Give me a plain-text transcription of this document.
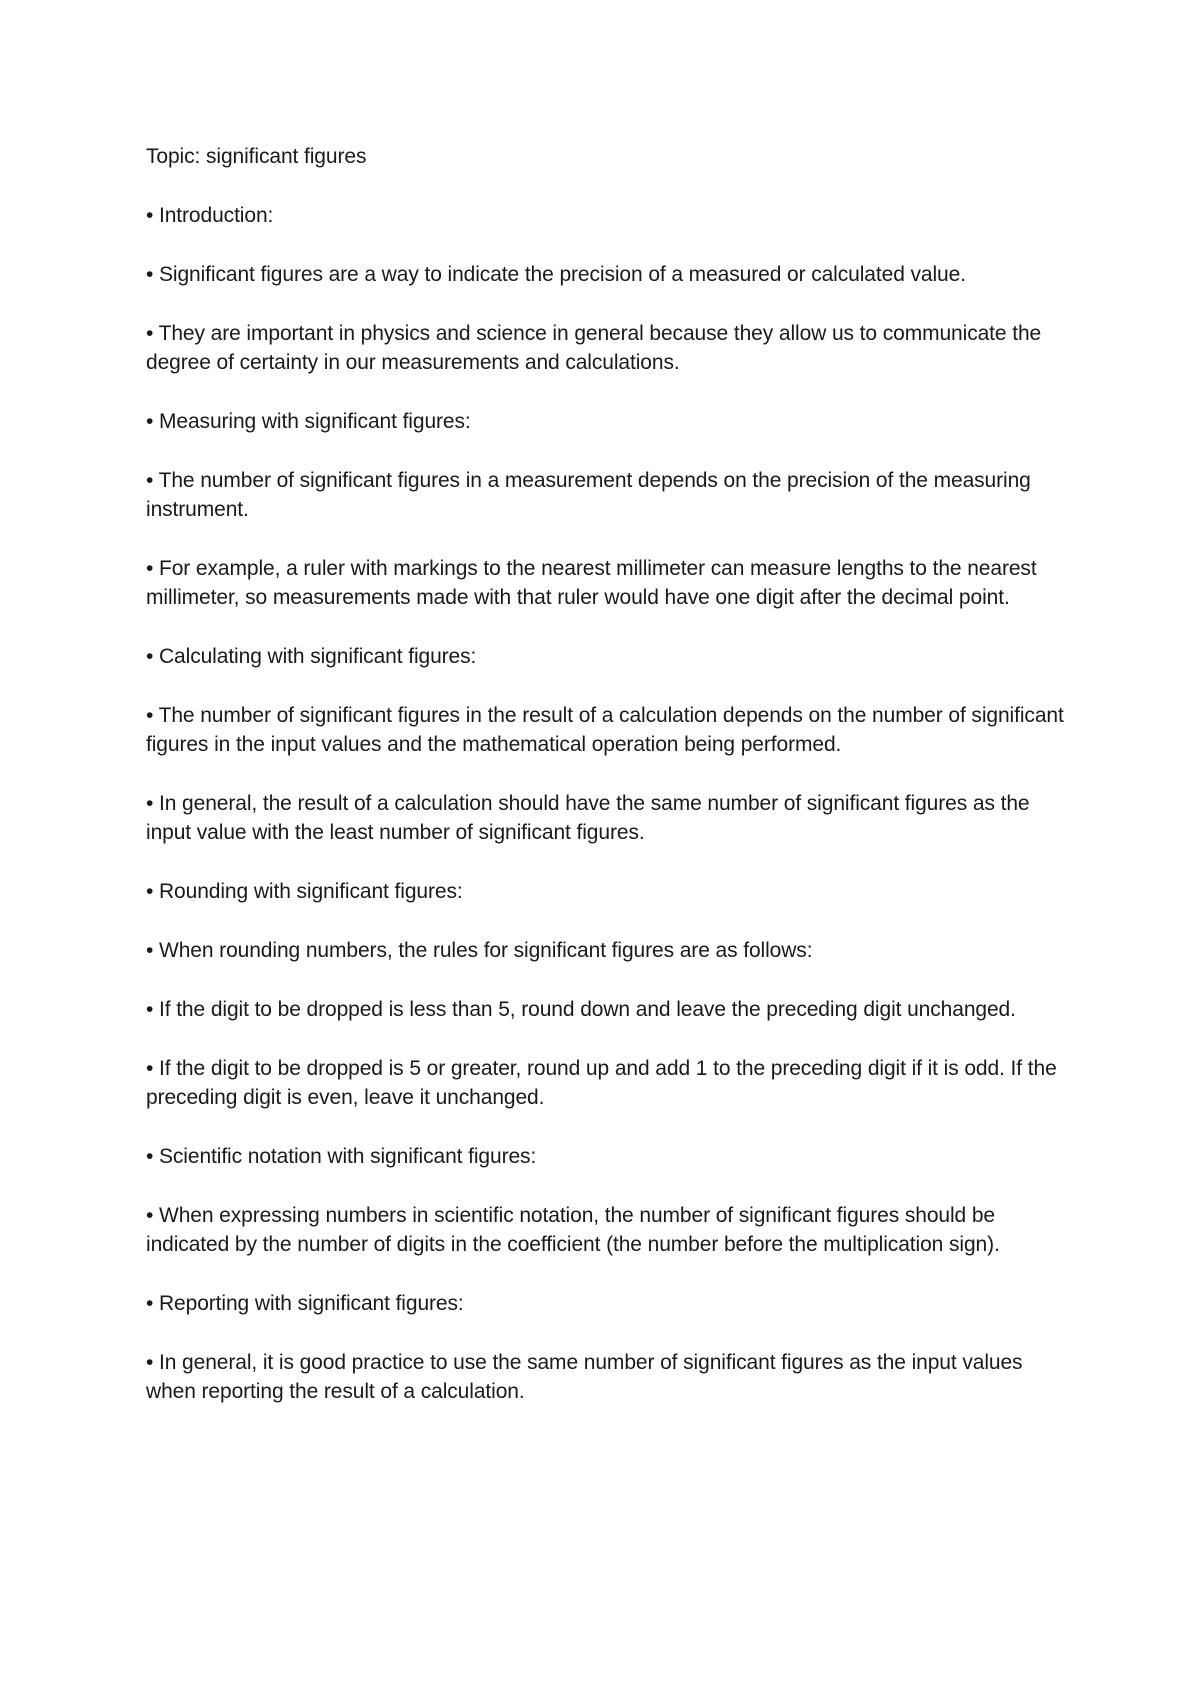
Topic: significant figures

• Introduction:

• Significant figures are a way to indicate the precision of a measured or calculated value.

• They are important in physics and science in general because they allow us to communicate the degree of certainty in our measurements and calculations.

• Measuring with significant figures:

• The number of significant figures in a measurement depends on the precision of the measuring instrument.

• For example, a ruler with markings to the nearest millimeter can measure lengths to the nearest millimeter, so measurements made with that ruler would have one digit after the decimal point.

• Calculating with significant figures:

• The number of significant figures in the result of a calculation depends on the number of significant figures in the input values and the mathematical operation being performed.

• In general, the result of a calculation should have the same number of significant figures as the input value with the least number of significant figures.

• Rounding with significant figures:

• When rounding numbers, the rules for significant figures are as follows:

• If the digit to be dropped is less than 5, round down and leave the preceding digit unchanged.

• If the digit to be dropped is 5 or greater, round up and add 1 to the preceding digit if it is odd. If the preceding digit is even, leave it unchanged.

• Scientific notation with significant figures:

• When expressing numbers in scientific notation, the number of significant figures should be indicated by the number of digits in the coefficient (the number before the multiplication sign).

• Reporting with significant figures:

• In general, it is good practice to use the same number of significant figures as the input values when reporting the result of a calculation.
